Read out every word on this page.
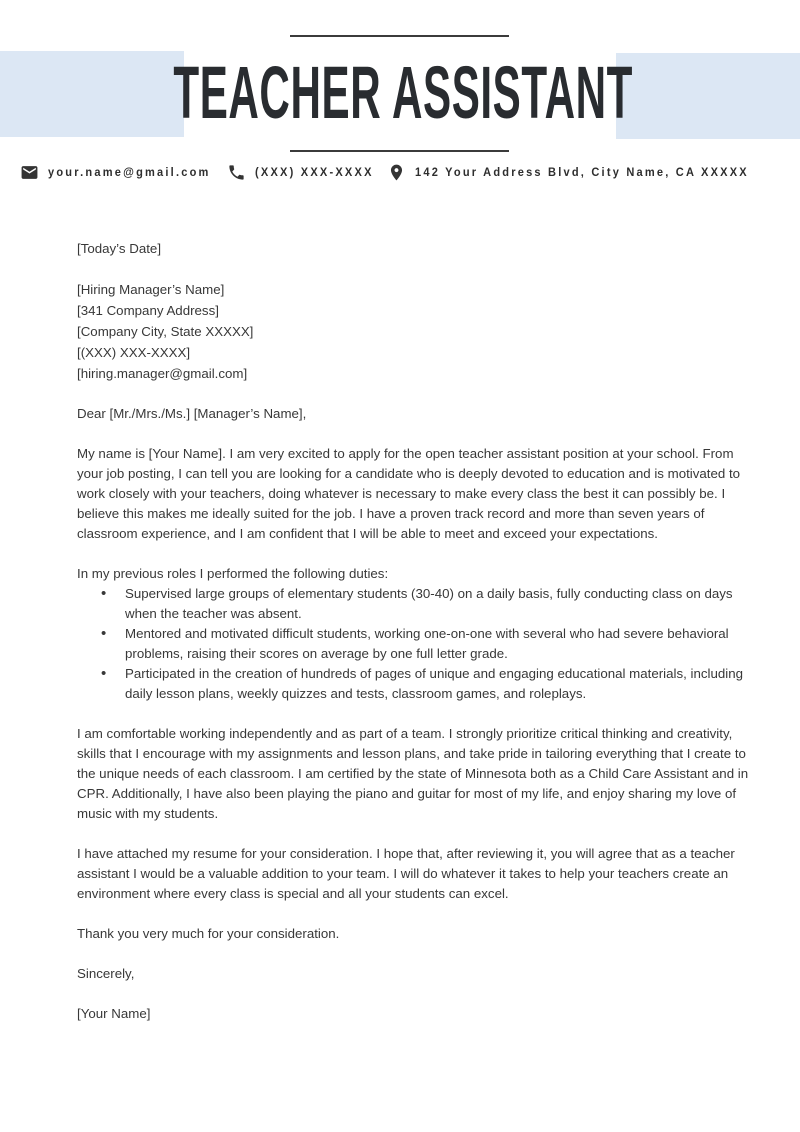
TEACHER ASSISTANT
your.name@gmail.com	(XXX) XXX-XXXX	142 Your Address Blvd, City Name, CA XXXXX
[Today’s Date]
[Hiring Manager’s Name]
[341 Company Address]
[Company City, State XXXXX]
[(XXX) XXX-XXXX]
[hiring.manager@gmail.com]

Dear [Mr./Mrs./Ms.] [Manager’s Name],

My name is [Your Name]. I am very excited to apply for the open teacher assistant position at your school. From your job posting, I can tell you are looking for a candidate who is deeply devoted to education and is motivated to work closely with your teachers, doing whatever is necessary to make every class the best it can possibly be. I believe this makes me ideally suited for the job. I have a proven track record and more than seven years of classroom experience, and I am confident that I will be able to meet and exceed your expectations.

In my previous roles I performed the following duties:

• Supervised large groups of elementary students (30-40) on a daily basis, fully conducting class on days when the teacher was absent.
• Mentored and motivated difficult students, working one-on-one with several who had severe behavioral problems, raising their scores on average by one full letter grade.
• Participated in the creation of hundreds of pages of unique and engaging educational materials, including daily lesson plans, weekly quizzes and tests, classroom games, and roleplays.

I am comfortable working independently and as part of a team. I strongly prioritize critical thinking and creativity, skills that I encourage with my assignments and lesson plans, and take pride in tailoring everything that I create to the unique needs of each classroom. I am certified by the state of Minnesota both as a Child Care Assistant and in CPR. Additionally, I have also been playing the piano and guitar for most of my life, and enjoy sharing my love of music with my students.

I have attached my resume for your consideration. I hope that, after reviewing it, you will agree that as a teacher assistant I would be a valuable addition to your team. I will do whatever it takes to help your teachers create an environment where every class is special and all your students can excel.

Thank you very much for your consideration.

Sincerely,

[Your Name]
